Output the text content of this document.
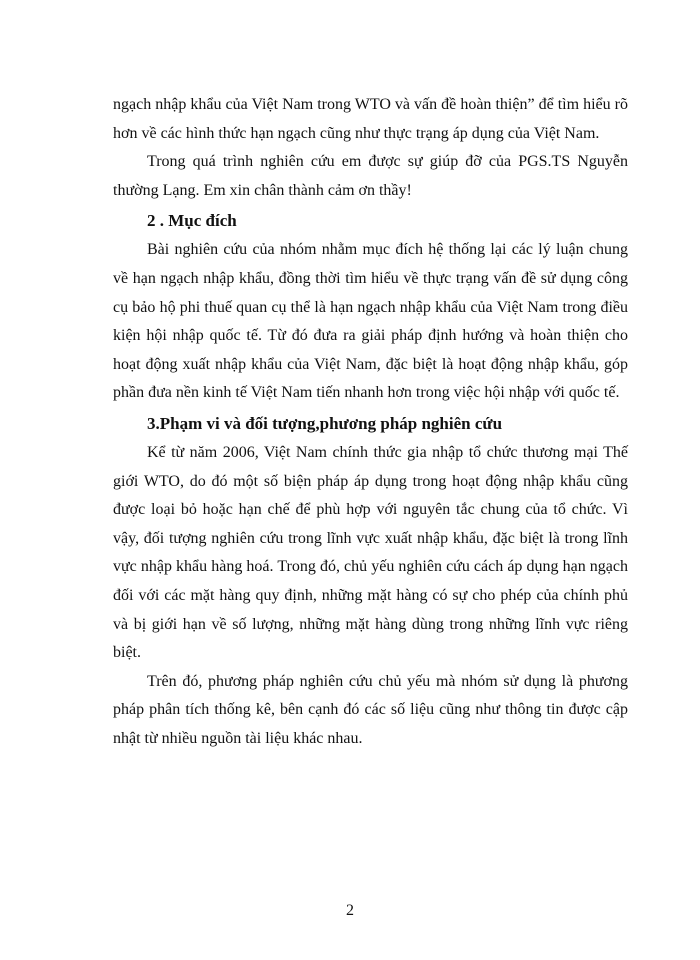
ngạch nhập khẩu của Việt Nam trong WTO và vấn đề hoàn thiện” để tìm hiểu rõ hơn về các hình thức hạn ngạch cũng như thực trạng áp dụng của Việt Nam.

Trong quá trình nghiên cứu em được sự giúp đỡ của PGS.TS Nguyễn thường Lạng. Em xin chân thành cảm ơn thầy!

2 . Mục đích

Bài nghiên cứu của nhóm nhằm mục đích hệ thống lại các lý luận chung về hạn ngạch nhập khẩu, đồng thời tìm hiểu về thực trạng vấn đề sử dụng công cụ bảo hộ phi thuế quan cụ thể là hạn ngạch nhập khẩu của Việt Nam trong điều kiện hội nhập quốc tế. Từ đó đưa ra giải pháp định hướng và hoàn thiện cho hoạt động xuất nhập khẩu của Việt Nam, đặc biệt là hoạt động nhập khẩu, góp phần đưa nền kinh tế Việt Nam tiến nhanh hơn trong việc hội nhập với quốc tế.

3.Phạm vi và đối tượng,phương pháp nghiên cứu

Kể từ năm 2006, Việt Nam chính thức gia nhập tổ chức thương mại Thế giới WTO, do đó một số biện pháp áp dụng trong hoạt động nhập khẩu cũng được loại bỏ hoặc hạn chế để phù hợp với nguyên tắc chung của tổ chức. Vì vậy, đối tượng nghiên cứu trong lĩnh vực xuất nhập khẩu, đặc biệt là trong lĩnh vực nhập khẩu hàng hoá. Trong đó, chủ yếu nghiên cứu cách áp dụng hạn ngạch đối với các mặt hàng quy định, những mặt hàng có sự cho phép của chính phủ và bị giới hạn về số lượng, những mặt hàng dùng trong những lĩnh vực riêng biệt.

Trên đó, phương pháp nghiên cứu chủ yếu mà nhóm sử dụng là phương pháp phân tích thống kê, bên cạnh đó các số liệu cũng như thông tin được cập nhật từ nhiều nguồn tài liệu khác nhau.

2
